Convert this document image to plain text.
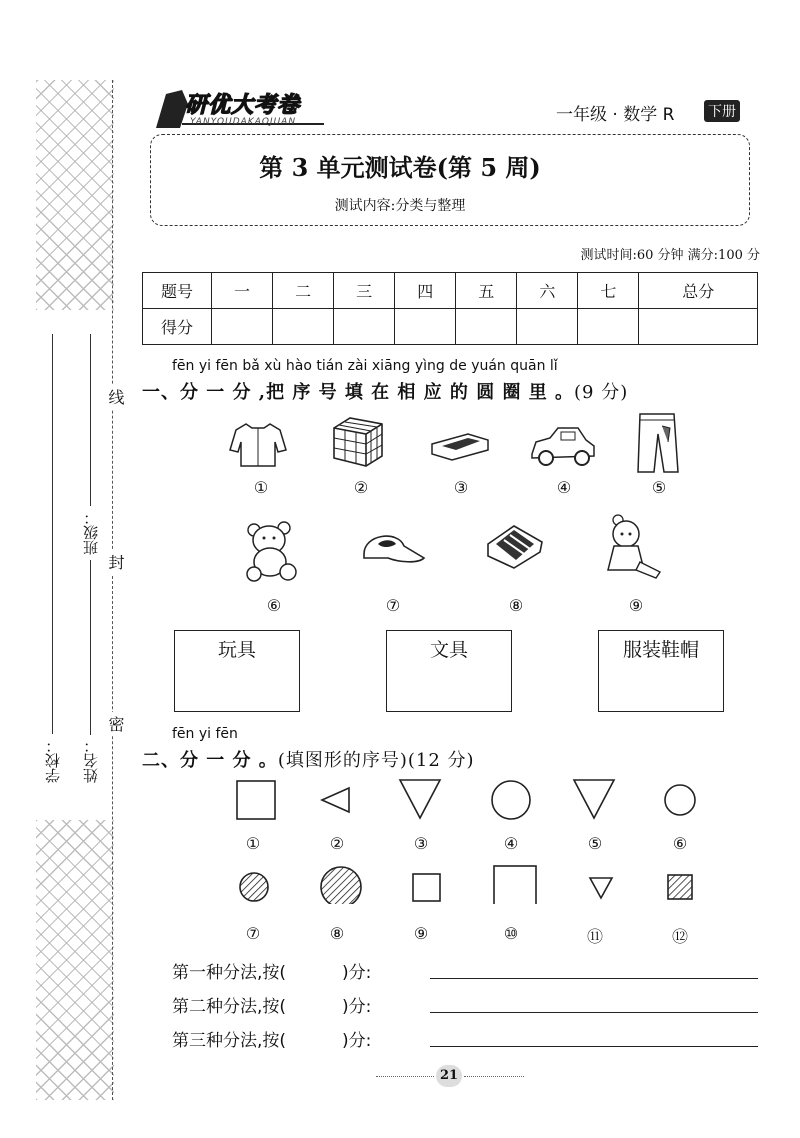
学校：
班级：
姓名：
线
封
密
研优大考卷
YANYOUDAKAOJUAN	一年级 · 数学 R 下册
第 3 单元测试卷(第 5 周)
测试内容:分类与整理
测试时间:60 分钟 满分:100 分
题号	一	二	三	四	五	六	七	总分
得分								
fēn yi fēn bǎ xù hào tián zài xiāng yìng de yuán quān lǐ
一、分 一 分 ,把 序 号 填 在 相 应 的 圆 圈 里 。(9 分)
①	②	③	④	⑤
⑥	⑦	⑧	⑨
玩具	文具	服装鞋帽
fēn yi fēn
二、分 一 分 。(填图形的序号)(12 分)
①	②	③	④	⑤	⑥
⑦	⑧	⑨	⑩	⑪	⑫
第一种分法,按(	)分:
第二种分法,按(	)分:
第三种分法,按(	)分:
21
